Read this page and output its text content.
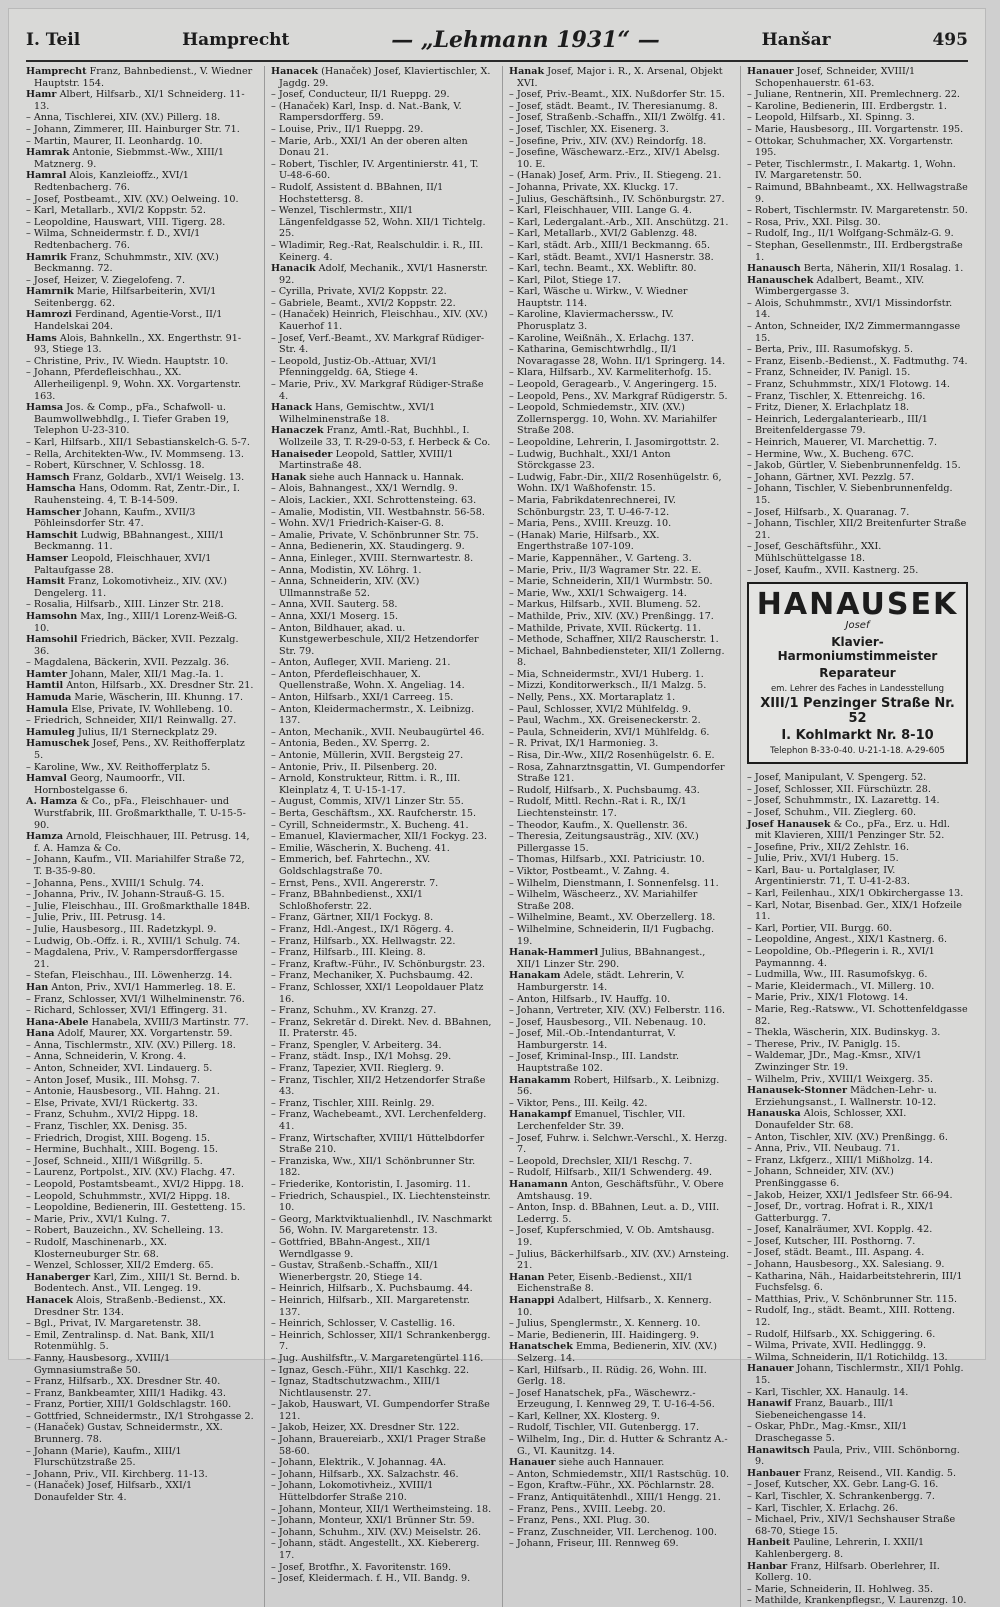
I. Teil	Hamprecht	— „Lehmann 1931“ —	Hanšar	495
Hamprecht Franz, Bahnbedienst., V. Wiedner Hauptstr. 154.
Hamr Albert, Hilfsarb., XI/1 Schneiderg. 11-13.
– Anna, Tischlerei, XIV. (XV.) Pillerg. 18.
– Johann, Zimmerer, III. Hainburger Str. 71.
– Martin, Maurer, II. Leonhardg. 10.
Hamrak Antonie, Siebmmst.-Ww., XIII/1 Matznerg. 9.
Hamral Alois, Kanzleioffz., XVI/1 Redtenbacherg. 76.
– Josef, Postbeamt., XIV. (XV.) Oelweing. 10.
– Karl, Metallarb., XVI/2 Koppstr. 52.
– Leopoldine, Hauswart, VIII. Tigerg. 28.
– Wilma, Schneidermstr. f. D., XVI/1 Redtenbacherg. 76.
Hamrik Franz, Schuhmmstr., XIV. (XV.) Beckmanng. 72.
– Josef, Heizer, V. Ziegelofeng. 7.
Hamrnik Marie, Hilfsarbeiterin, XVI/1 Seitenbergg. 62.
Hamrozi Ferdinand, Agentie-Vorst., II/1 Handelskai 204.
Hams Alois, Bahnkelln., XX. Engerthstr. 91-93, Stiege 13.
– Christine, Priv., IV. Wiedn. Hauptstr. 10.
– Johann, Pferdefleischhau., XX. Allerheiligenpl. 9, Wohn. XX. Vorgartenstr. 163.
Hamsa Jos. & Comp., pFa., Schafwoll- u. Baumwollwebhdlg., I. Tiefer Graben 19, Telephon U-23-310.
– Karl, Hilfsarb., XII/1 Sebastianskelch-G. 5-7.
– Rella, Architekten-Ww., IV. Mommseng. 13.
– Robert, Kürschner, V. Schlossg. 18.
Hamsch Franz, Goldarb., XVI/1 Weiselg. 13.
Hamscha Hans, Odomm. Rat, Zentr.-Dir., I. Rauhensteing. 4, T. B-14-509.
Hamscher Johann, Kaufm., XVII/3 Pöhleinsdorfer Str. 47.
Hamschit Ludwig, BBahnangest., XIII/1 Beckmanng. 11.
Hamser Leopold, Fleischhauer, XVI/1 Paltaufgasse 28.
Hamsit Franz, Lokomotivheiz., XIV. (XV.) Dengelerg. 11.
– Rosalia, Hilfsarb., XIII. Linzer Str. 218.
Hamsohn Max, Ing., XIII/1 Lorenz-Weiß-G. 10.
Hamsohil Friedrich, Bäcker, XVII. Pezzalg. 36.
– Magdalena, Bäckerin, XVII. Pezzalg. 36.
Hamter Johann, Maler, XII/1 Mag.-Ia. 1.
Hamtil Anton, Hilfsarb., XX. Dresdner Str. 21.
Hamuda Marie, Wäscherin, III. Khunng. 17.
Hamula Else, Private, IV. Wohllebeng. 10.
– Friedrich, Schneider, XII/1 Reinwallg. 27.
Hamuleg Julius, II/1 Sterneckplatz 29.
Hamuschek Josef, Pens., XV. Reithofferplatz 5.
– Karoline, Ww., XV. Reithofferplatz 5.
Hamval Georg, Naumoorfr., VII. Hornbostelgasse 6.
A. Hamza & Co., pFa., Fleischhauer- und Wurstfabrik, III. Großmarkthalle, T. U-15-5-90.
Hamza Arnold, Fleischhauer, III. Petrusg. 14, f. A. Hamza & Co.
– Johann, Kaufm., VII. Mariahilfer Straße 72, T. B-35-9-80.
– Johanna, Pens., XVIII/1 Schulg. 74.
– Johanna, Priv., IV. Johann-Strauß-G. 15.
– Julie, Fleischhau., III. Großmarkthalle 184B.
– Julie, Priv., III. Petrusg. 14.
– Julie, Hausbesorg., III. Radetzkypl. 9.
– Ludwig, Ob.-Offz. i. R., XVIII/1 Schulg. 74.
– Magdalena, Priv., V. Rampersdorffergasse 21.
– Stefan, Fleischhau., III. Löwenherzg. 14.
Han Anton, Priv., XVI/1 Hammerleg. 18. E.
– Franz, Schlosser, XVI/1 Wilhelminenstr. 76.
– Richard, Schlosser, XVI/1 Effingerg. 31.
Hana-Abele Hanabela, XVIII/3 Martinstr. 77.
Hana Adolf, Maurer, XX. Vorgartenstr. 59.
– Anna, Tischlermstr., XIV. (XV.) Pillerg. 18.
– Anna, Schneiderin, V. Krong. 4.
– Anton, Schneider, XVI. Lindauerg. 5.
– Anton Josef, Musik., III. Mohsg. 7.
– Antonie, Hausbesorg., VII. Hahng. 21.
– Else, Private, XVI/1 Rückertg. 33.
– Franz, Schuhm., XVI/2 Hippg. 18.
– Franz, Tischler, XX. Denisg. 35.
– Friedrich, Drogist, XIII. Bogeng. 15.
– Hermine, Buchhalt., XIII. Bogeng. 15.
– Josef, Schneid., XIII/1 Wißgrillg. 5.
– Laurenz, Portpolst., XIV. (XV.) Flachg. 47.
– Leopold, Postamtsbeamt., XVI/2 Hippg. 18.
– Leopold, Schuhmmstr., XVI/2 Hippg. 18.
– Leopoldine, Bedienerin, III. Gestetteng. 15.
– Marie, Priv., XVI/1 Kulng. 7.
– Robert, Bauzeichn., XV. Schelleing. 13.
– Rudolf, Maschinenarb., XX. Klosterneuburger Str. 68.
– Wenzel, Schlosser, XII/2 Emderg. 65.
Hanaberger Karl, Zim., XIII/1 St. Bernd. b. Bodentech. Anst., VII. Lengeg. 19.
Hanacek Alois, Straßenb.-Bedienst., XX. Dresdner Str. 134.
– Bgl., Privat, IV. Margaretenstr. 38.
– Emil, Zentralinsp. d. Nat. Bank, XII/1 Rotenmühlg. 5.
– Fanny, Hausbesorg., XVIII/1 Gymnasiumstraße 50.
– Franz, Hilfsarb., XX. Dresdner Str. 40.
– Franz, Bankbeamter, XIII/1 Hadikg. 43.
– Franz, Portier, XIII/1 Goldschlagstr. 160.
– Gottfried, Schneidermstr., IX/1 Strohgasse 2.
– (Hanaček) Gustav, Schneidermstr., XX. Brunnerg. 78.
– Johann (Marie), Kaufm., XIII/1 Flurschützstraße 25.
– Johann, Priv., VII. Kirchberg. 11-13.
– (Hanaček) Josef, Hilfsarb., XXI/1 Donaufelder Str. 4.
Hanacek (Hanaček) Josef, Klaviertischler, X. Jagdg. 29.
– Josef, Conducteur, II/1 Rueppg. 29.
– (Hanaček) Karl, Insp. d. Nat.-Bank, V. Rampersdorfferg. 59.
– Louise, Priv., II/1 Rueppg. 29.
– Marie, Arb., XXI/1 An der oberen alten Donau 21.
– Robert, Tischler, IV. Argentinierstr. 41, T. U-48-6-60.
– Rudolf, Assistent d. BBahnen, II/1 Hochstettersg. 8.
– Wenzel, Tischlermstr., XII/1 Längenfeldgasse 52, Wohn. XII/1 Tichtelg. 25.
– Wladimir, Reg.-Rat, Realschuldir. i. R., III. Keinerg. 4.
Hanacik Adolf, Mechanik., XVI/1 Hasnerstr. 92.
– Cyrilla, Private, XVI/2 Koppstr. 22.
– Gabriele, Beamt., XVI/2 Koppstr. 22.
– (Hanaček) Heinrich, Fleischhau., XIV. (XV.) Kauerhof 11.
– Josef, Verf.-Beamt., XV. Markgraf Rüdiger-Str. 4.
– Leopold, Justiz-Ob.-Attuar, XVI/1 Pfenninggeldg. 6A, Stiege 4.
– Marie, Priv., XV. Markgraf Rüdiger-Straße 4.
Hanack Hans, Gemischtw., XVI/1 Wilhelminenstraße 18.
Hanaczek Franz, Amtl.-Rat, Buchhbl., I. Wollzeile 33, T. R-29-0-53, f. Herbeck & Co.
Hanaiseder Leopold, Sattler, XVIII/1 Martinstraße 48.
Hanak siehe auch Hannack u. Hannak.
– Alois, Bahnangest., XX/1 Werndlg. 9.
– Alois, Lackier., XXI. Schrottensteing. 63.
– Amalie, Modistin, VII. Westbahnstr. 56-58.
– Wohn. XV/1 Friedrich-Kaiser-G. 8.
– Amalie, Private, V. Schönbrunner Str. 75.
– Anna, Bedienerin, XX. Staudingerg. 9.
– Anna, Einleger., XVIII. Sternwartestr. 8.
– Anna, Modistin, XV. Löhrg. 1.
– Anna, Schneiderin, XIV. (XV.) Ullmannstraße 52.
– Anna, XVII. Sauterg. 58.
– Anna, XXI/1 Moserg. 15.
– Anton, Bildhauer, akad. u. Kunstgewerbeschule, XII/2 Hetzendorfer Str. 79.
– Anton, Aufleger, XVII. Marieng. 21.
– Anton, Pferdefleischhauer, X. Quellenstraße, Wohn. X. Angeliag. 14.
– Anton, Hilfsarb., XXI/1 Carreeg. 15.
– Anton, Kleidermachermstr., X. Leibnizg. 137.
– Anton, Mechanik., XVII. Neubaugürtel 46.
– Antonia, Beden., XV. Sperrg. 2.
– Antonie, Müllerin, XVII. Bergsteig 27.
– Antonie, Priv., II. Pilsenberg. 20.
– Arnold, Konstrukteur, Rittm. i. R., III. Kleinplatz 4, T. U-15-1-17.
– August, Commis, XIV/1 Linzer Str. 55.
– Berta, Geschäftsm., XX. Raufcherstr. 15.
– Cyrill, Schneidermstr., X. Bucheng. 41.
– Emanuel, Klaviermacher, XII/1 Fockyg. 23.
– Emilie, Wäscherin, X. Bucheng. 41.
– Emmerich, bef. Fahrtechn., XV. Goldschlagstraße 70.
– Ernst, Pens., XVII. Angererstr. 7.
– Franz, BBahnbedienst., XXI/1 Schloßhoferstr. 22.
– Franz, Gärtner, XII/1 Fockyg. 8.
– Franz, Hdl.-Angest., IX/1 Rögerg. 4.
– Franz, Hilfsarb., XX. Hellwagstr. 22.
– Franz, Hilfsarb., III. Kleing. 8.
– Franz, Kraftw.-Führ., IV. Schönburgstr. 23.
– Franz, Mechaniker, X. Puchsbaumg. 42.
– Franz, Schlosser, XXI/1 Leopoldauer Platz 16.
– Franz, Schuhm., XV. Kranzg. 27.
– Franz, Sekretär d. Direkt. Nev. d. BBahnen, II. Praterstr. 45.
– Franz, Spengler, V. Arbeiterg. 34.
– Franz, städt. Insp., IX/1 Mohsg. 29.
– Franz, Tapezier, XVII. Rieglerg. 9.
– Franz, Tischler, XII/2 Hetzendorfer Straße 43.
– Franz, Tischler, XIII. Reinlg. 29.
– Franz, Wachebeamt., XVI. Lerchenfelderg. 41.
– Franz, Wirtschafter, XVIII/1 Hüttelbdorfer Straße 210.
– Franziska, Ww., XII/1 Schönbrunner Str. 182.
– Friederike, Kontoristin, I. Jasomirg. 11.
– Friedrich, Schauspiel., IX. Liechtensteinstr. 10.
– Georg, Marktviktualienhdl., IV. Naschmarkt 56, Wohn. IV. Margaretenstr. 13.
– Gottfried, BBahn-Angest., XII/1 Werndlgasse 9.
– Gustav, Straßenb.-Schaffn., XII/1 Wienerbergstr. 20, Stiege 14.
– Heinrich, Hilfsarb., X. Puchsbaumg. 44.
– Heinrich, Hilfsarb., XII. Margaretenstr. 137.
– Heinrich, Schlosser, V. Castellig. 16.
– Heinrich, Schlosser, XII/1 Schrankenbergg. 7.
– Jug. Aushilfsftr., V. Margaretengürtel 116.
– Ignaz, Gesch.-Führ., XII/1 Kaschkg. 22.
– Ignaz, Stadtschutzwachm., XIII/1 Nichtlausenstr. 27.
– Jakob, Hauswart, VI. Gumpendorfer Straße 121.
– Jakob, Heizer, XX. Dresdner Str. 122.
– Johann, Brauereiarb., XXI/1 Prager Straße 58-60.
– Johann, Elektrik., V. Johannag. 4A.
– Johann, Hilfsarb., XX. Salzachstr. 46.
– Johann, Lokomotivheiz., XVIII/1 Hüttelbdorfer Straße 210.
– Johann, Monteur, XII/1 Wertheimsteing. 18.
– Johann, Monteur, XXI/1 Brünner Str. 59.
– Johann, Schuhm., XIV. (XV.) Meiselstr. 26.
– Johann, städt. Angestellt., XX. Kiebererg. 17.
– Josef, Brotfhr., X. Favoritenstr. 169.
– Josef, Kleidermach. f. H., VII. Bandg. 9.
Hanak Josef, Major i. R., X. Arsenal, Objekt XVI.
– Josef, Priv.-Beamt., XIX. Nußdorfer Str. 15.
– Josef, städt. Beamt., IV. Theresianumg. 8.
– Josef, Straßenb.-Schaffn., XII/1 Zwölfg. 41.
– Josef, Tischler, XX. Eisenerg. 3.
– Josefine, Priv., XIV. (XV.) Reindorfg. 18.
– Josefine, Wäschewarz.-Erz., XIV/1 Abelsg. 10. E.
– (Hanak) Josef, Arm. Priv., II. Stiegeng. 21.
– Johanna, Private, XX. Kluckg. 17.
– Julius, Geschäftsinh., IV. Schönburgstr. 27.
– Karl, Fleischhauer, VIII. Lange G. 4.
– Karl, Ledergalant.-Arb., XII. Anschützg. 21.
– Karl, Metallarb., XVI/2 Gablenzg. 48.
– Karl, städt. Arb., XIII/1 Beckmanng. 65.
– Karl, städt. Beamt., XVI/1 Hasnerstr. 38.
– Karl, techn. Beamt., XX. Webliftr. 80.
– Karl, Pilot, Stiege 17.
– Karl, Wäsche u. Wirkw., V. Wiedner Hauptstr. 114.
– Karoline, Klaviermacherssw., IV. Phorusplatz 3.
– Karoline, Weißnäh., X. Erlachg. 137.
– Katharina, Gemischtwrhdlg., II/1 Novaragasse 28, Wohn. II/1 Springerg. 14.
– Klara, Hilfsarb., XV. Karmeliterhofg. 15.
– Leopold, Geragearb., V. Angeringerg. 15.
– Leopold, Pens., XV. Markgraf Rüdigerstr. 5.
– Leopold, Schmiedemstr., XIV. (XV.) Zollernspergg. 10, Wohn. XV. Mariahilfer Straße 208.
– Leopoldine, Lehrerin, I. Jasomirgottstr. 2.
– Ludwig, Buchhalt., XXI/1 Anton Störckgasse 23.
– Ludwig, Fabr.-Dir., XII/2 Rosenhügelstr. 6, Wohn. IX/1 Waßhofenstr. 15.
– Maria, Fabrikdatenrechnerei, IV. Schönburgstr. 23, T. U-46-7-12.
– Maria, Pens., XVIII. Kreuzg. 10.
– (Hanak) Marie, Hilfsarb., XX. Engerthstraße 107-109.
– Marie, Kappennäher., V. Garteng. 3.
– Marie, Priv., II/3 Wagramer Str. 22. E.
– Marie, Schneiderin, XII/1 Wurmbstr. 50.
– Marie, Ww., XXI/1 Schwaigerg. 14.
– Markus, Hilfsarb., XVII. Blumeng. 52.
– Mathilde, Priv., XIV. (XV.) Prenßingg. 17.
– Mathilde, Private, XVII. Rückertg. 11.
– Methode, Schaffner, XII/2 Rauscherstr. 1.
– Michael, Bahnbediensteter, XII/1 Zollerng. 8.
– Mia, Schneidermstr., XVI/1 Huberg. 1.
– Mizzi, Konditorwerksch., II/1 Malzg. 5.
– Nelly, Pens., XX. Mortaraplatz 1.
– Paul, Schlosser, XVI/2 Mühlfeldg. 9.
– Paul, Wachm., XX. Greiseneckerstr. 2.
– Paula, Schneiderin, XVI/1 Mühlfeldg. 6.
– R. Privat, IX/1 Harmonieg. 3.
– Risa, Dir.-Ww., XII/2 Rosenhügelstr. 6. E.
– Rosa, Zahnarztnsgattin, VI. Gumpendorfer Straße 121.
– Rudolf, Hilfsarb., X. Puchsbaumg. 43.
– Rudolf, Mittl. Rechn.-Rat i. R., IX/1 Liechtensteinstr. 17.
– Theodor, Kaufm., X. Quellenstr. 36.
– Theresia, Zeitungsausträg., XIV. (XV.) Pillergasse 15.
– Thomas, Hilfsarb., XXI. Patriciustr. 10.
– Viktor, Postbeamt., V. Zahng. 4.
– Wilhelm, Dienstmann, I. Sonnenfelsg. 11.
– Wilhelm, Wäscheerz., XV. Mariahilfer Straße 208.
– Wilhelmine, Beamt., XV. Oberzellerg. 18.
– Wilhelmine, Schneiderin, II/1 Fugbachg. 19.
Hanak-Hammerl Julius, BBahnangest., XII/1 Linzer Str. 290.
Hanakam Adele, städt. Lehrerin, V. Hamburgerstr. 14.
– Anton, Hilfsarb., IV. Hauffg. 10.
– Johann, Vertreter, XIV. (XV.) Felberstr. 116.
– Josef, Hausbesorg., VII. Nebenaug. 10.
– Josef, Mil.-Ob.-Intendanturrat, V. Hamburgerstr. 14.
– Josef, Kriminal-Insp., III. Landstr. Hauptstraße 102.
Hanakamm Robert, Hilfsarb., X. Leibnizg. 56.
– Viktor, Pens., III. Keilg. 42.
Hanakampf Emanuel, Tischler, VII. Lerchenfelder Str. 39.
– Josef, Fuhrw. i. Selchwr.-Verschl., X. Herzg. 7.
– Leopold, Drechsler, XII/1 Reschg. 7.
– Rudolf, Hilfsarb., XII/1 Schwenderg. 49.
Hanamann Anton, Geschäftsführ., V. Obere Amtshausg. 19.
– Anton, Insp. d. BBahnen, Leut. a. D., VIII. Lederrg. 5.
– Josef, Kupferschmied, V. Ob. Amtshausg. 19.
– Julius, Bäckerhilfsarb., XIV. (XV.) Arnsteing. 21.
Hanan Peter, Eisenb.-Bedienst., XII/1 Eichenstraße 8.
Hanappi Adalbert, Hilfsarb., X. Kennerg. 10.
– Julius, Spenglermstr., X. Kennerg. 10.
– Marie, Bedienerin, III. Haidingerg. 9.
Hanatschek Emma, Bedienerin, XIV. (XV.) Selzerg. 14.
– Karl, Hilfsarb., II. Rüdig. 26, Wohn. III. Gerlg. 18.
– Josef Hanatschek, pFa., Wäschewrz.-Erzeugung, I. Kennweg 29, T. U-16-4-56.
– Karl, Kellner, XX. Klosterg. 9.
– Rudolf, Tischler, VII. Gutenbergg. 17.
– Wilhelm, Ing., Dir. d. Hutter & Schrantz A.-G., VI. Kaunitzg. 14.
Hanauer siehe auch Hannauer.
– Anton, Schmiedemstr., XII/1 Rastschüg. 10.
– Egon, Kraftw.-Führ., XX. Pöchlarnstr. 28.
– Franz, Antiquitätenhdl., XIII/1 Hengg. 21.
– Franz, Pens., XVIII. Leebg. 20.
– Franz, Pens., XXI. Plug. 30.
– Franz, Zuschneider, VII. Lerchenog. 100.
– Johann, Friseur, III. Rennweg 69.
Hanauer Josef, Schneider, XVIII/1 Schopenhauerstr. 61-63.
– Juliane, Rentnerin, XII. Premlechnerg. 22.
– Karoline, Bedienerin, III. Erdbergstr. 1.
– Leopold, Hilfsarb., XI. Spinng. 3.
– Marie, Hausbesorg., III. Vorgartenstr. 195.
– Ottokar, Schuhmacher, XX. Vorgartenstr. 195.
– Peter, Tischlermstr., I. Makartg. 1, Wohn. IV. Margaretenstr. 50.
– Raimund, BBahnbeamt., XX. Hellwagstraße 9.
– Robert, Tischlermstr. IV. Margaretenstr. 50.
– Rosa, Priv., XXI. Pilsg. 30.
– Rudolf, Ing., II/1 Wolfgang-Schmälz-G. 9.
– Stephan, Gesellenmstr., III. Erdbergstraße 1.
Hanausch Berta, Näherin, XII/1 Rosalag. 1.
Hanauschek Adalbert, Beamt., XIV. Wimbergergasse 3.
– Alois, Schuhmmstr., XVI/1 Missindorfstr. 14.
– Anton, Schneider, IX/2 Zimmermanngasse 15.
– Berta, Priv., III. Rasumofskyg. 5.
– Franz, Eisenb.-Bedienst., X. Fadtmuthg. 74.
– Franz, Schneider, IV. Panigl. 15.
– Franz, Schuhmmstr., XIX/1 Flotowg. 14.
– Franz, Tischler, X. Ettenreichg. 16.
– Fritz, Diener, X. Erlachplatz 18.
– Heinrich, Ledergalanteriearb., III/1 Breitenfeldergasse 79.
– Heinrich, Mauerer, VI. Marchettig. 7.
– Hermine, Ww., X. Bucheng. 67C.
– Jakob, Gürtler, V. Siebenbrunnenfeldg. 15.
– Johann, Gärtner, XVI. Pezzlg. 57.
– Johann, Tischler, V. Siebenbrunnenfeldg. 15.
– Josef, Hilfsarb., X. Quaranag. 7.
– Johann, Tischler, XII/2 Breitenfurter Straße 21.
– Josef, Geschäftsführ., XXI. Mühlschüttelgasse 18.
– Josef, Kaufm., XVII. Kastnerg. 25.
HANAUSEK
Josef
Klavier-Harmoniumstimmeister
Reparateur
em. Lehrer des Faches in Landesstellung
XIII/1 Penzinger Straße Nr. 52
I. Kohlmarkt Nr. 8-10
Telephon B-33-0-40. U-21-1-18. A-29-605
– Josef, Manipulant, V. Spengerg. 52.
– Josef, Schlosser, XII. Fürschüztr. 28.
– Josef, Schuhmmstr., IX. Lazarettg. 14.
– Josef, Schuhm., VII. Zieglerg. 60.
Josef Hanausek & Co., pFa., Erz. u. Hdl. mit Klavieren, XIII/1 Penzinger Str. 52.
– Josefine, Priv., XII/2 Zehlstr. 16.
– Julie, Priv., XVI/1 Huberg. 15.
– Karl, Bau- u. Portalglaser, IV. Argentinierstr. 71, T. U-41-2-83.
– Karl, Feilenhau., XIX/1 Obkirchergasse 13.
– Karl, Notar, Bisenbad. Ger., XIX/1 Hofzeile 11.
– Karl, Portier, VII. Burgg. 60.
– Leopoldine, Angest., XIX/1 Kastnerg. 6.
– Leopoldine, Ob.-Pflegerin i. R., XVI/1 Paymannng. 4.
– Ludmilla, Ww., III. Rasumofskyg. 6.
– Marie, Kleidermach., VI. Millerg. 10.
– Marie, Priv., XIX/1 Flotowg. 14.
– Marie, Reg.-Ratsww., VI. Schottenfeldgasse 82.
– Thekla, Wäscherin, XIX. Budinskyg. 3.
– Therese, Priv., IV. Paniglg. 15.
– Waldemar, JDr., Mag.-Kmsr., XIV/1 Zwinzinger Str. 19.
– Wilhelm, Priv., XVIII/1 Weixgerg. 35.
Hanausek-Stonner Mädchen-Lehr- u. Erziehungsanst., I. Wallnerstr. 10-12.
Hanauska Alois, Schlosser, XXI. Donaufelder Str. 68.
– Anton, Tischler, XIV. (XV.) Prenßingg. 6.
– Anna, Priv., VII. Neubaug. 71.
– Franz, Lkfgerz., XIII/1 Mißholzg. 14.
– Johann, Schneider, XIV. (XV.) Prenßinggasse 6.
– Jakob, Heizer, XXI/1 Jedlsfeer Str. 66-94.
– Josef, Dr., vortrag. Hofrat i. R., XIX/1 Gatterburgg. 7.
– Josef, Kanalräumer, XVI. Kopplg. 42.
– Josef, Kutscher, III. Posthorng. 7.
– Josef, städt. Beamt., III. Aspang. 4.
– Johann, Hausbesorg., XX. Salesiang. 9.
– Katharina, Näh., Haidarbeitstehrerin, III/1 Fuchsfelsg. 6.
– Matthias, Priv., V. Schönbrunner Str. 115.
– Rudolf, Ing., städt. Beamt., XIII. Rotteng. 12.
– Rudolf, Hilfsarb., XX. Schiggering. 6.
– Wilma, Private, XVII. Hedlinggg. 9.
– Wilma, Schneiderin, II/1 Rotichildg. 13.
Hanauer Johann, Tischlermstr., XII/1 Pohlg. 15.
– Karl, Tischler, XX. Hanaulg. 14.
Hanawif Franz, Bauarb., III/1 Siebeneichengasse 14.
– Oskar, PhDr., Mag.-Kmsr., XII/1 Draschegasse 5.
Hanawitsch Paula, Priv., VIII. Schönborng. 9.
Hanbauer Franz, Reisend., VII. Kandig. 5.
– Josef, Kutscher, XX. Gebr. Lang-G. 16.
– Karl, Tischler, X. Schrankenbergg. 7.
– Karl, Tischler, X. Erlachg. 26.
– Michael, Priv., XIV/1 Sechshauser Straße 68-70, Stiege 15.
Hanbeit Pauline, Lehrerin, I. XXII/1 Kahlenbergerg. 8.
Hanbar Franz, Hilfsarb. Oberlehrer, II. Kollerg. 10.
– Marie, Schneiderin, II. Hohlweg. 35.
– Mathilde, Krankenpflegsr., V. Laurenzg. 10.
